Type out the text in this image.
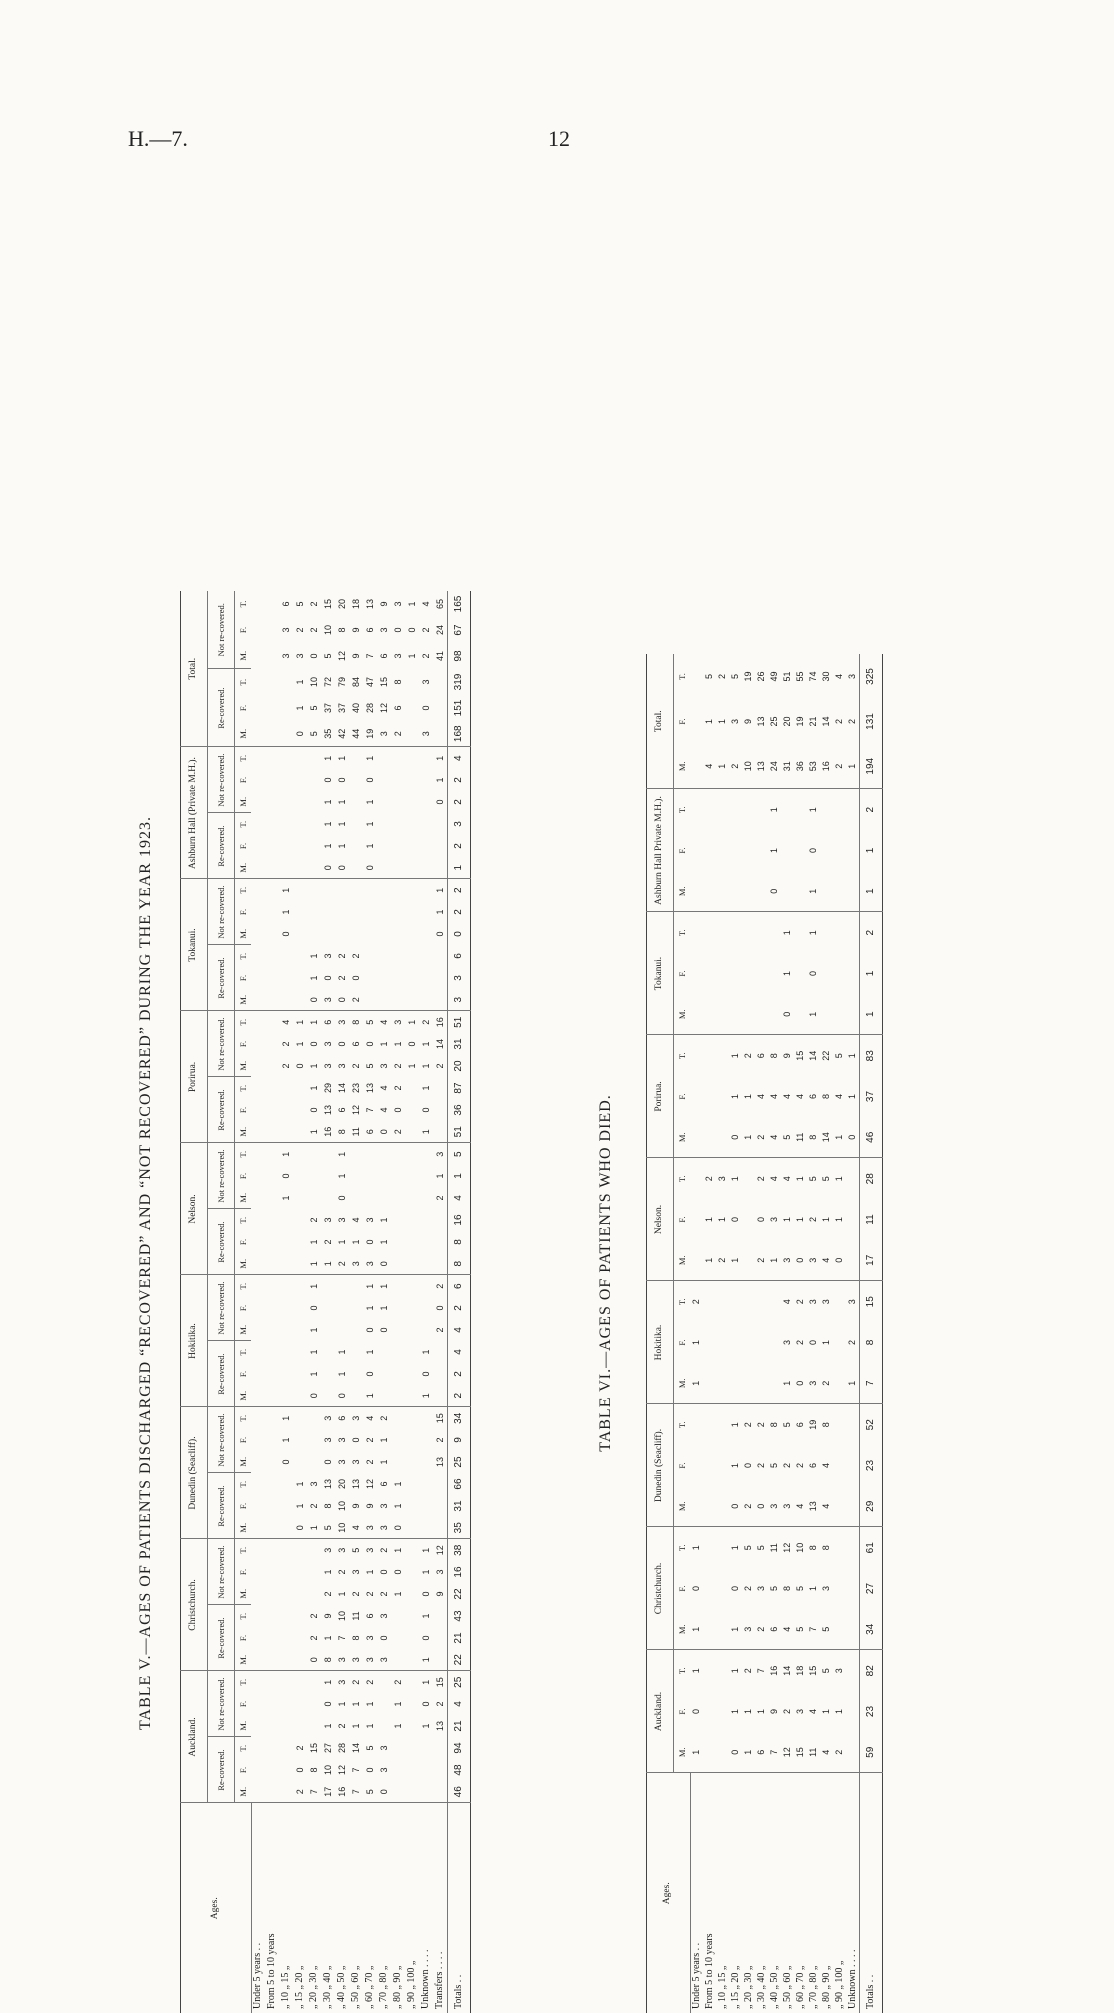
H.—7.	12
TABLE V.—AGES OF PATIENTS DISCHARGED “RECOVERED” AND “NOT RECOVERED” DURING THE YEAR 1923.
Ages.	Auckland.						Christchurch.						Dunedin (Seacliff).						Hokitika.						Nelson.						Porirua.						Tokanui.						Ashburn Hall (Private M.H.).						Total.					
	Re-covered.			Not re-covered.			Re-covered.			Not re-covered.			Re-covered.			Not re-covered.			Re-covered.			Not re-covered.			Re-covered.			Not re-covered.			Re-covered.			Not re-covered.			Re-covered.			Not re-covered.			Re-covered.			Not re-covered.			Re-covered.			Not re-covered.		
	M.	F.	T.	M.	F.	T.	M.	F.	T.	M.	F.	T.	M.	F.	T.	M.	F.	T.	M.	F.	T.	M.	F.	T.	M.	F.	T.	M.	F.	T.	M.	F.	T.	M.	F.	T.	M.	F.	T.	M.	F.	T.	M.	F.	T.	M.	F.	T.	M.	F.	T.	M.	F.	T.
Under 5 years . .																																																						
From 5 to 10 years																																																						
„ 10 „ 15 „																0	1	1										1	0	1				2	2	4				0	1	1										3	3	6
„ 15 „ 20 „	2	0	2										0	1	1																			0	1	1													0	1	1	3	2	5
„ 20 „ 30 „	7	8	15				0	2	2				1	2	3				0	1	1	1	0	1	1	1	2				1	0	1	1	0	1	0	1	1										5	5	10	0	2	2
„ 30 „ 40 „	17	10	27	1	0	1	8	1	9	2	1	3	5	8	13	0	3	3							1	2	3				16	13	29	3	3	6	3	0	3				0	1	1	1	0	1	35	37	72	5	10	15
„ 40 „ 50 „	16	12	28	2	1	3	3	7	10	1	2	3	10	10	20	3	3	6	0	1	1				2	1	3	0	1	1	8	6	14	3	0	3	0	2	2				0	1	1	1	0	1	42	37	79	12	8	20
„ 50 „ 60 „	7	7	14	1	1	2	3	8	11	2	3	5	4	9	13	3	0	3							3	1	4				11	12	23	2	6	8	2	0	2										44	40	84	9	9	18
„ 60 „ 70 „	5	0	5	1	1	2	3	3	6	2	1	3	3	9	12	2	2	4	1	0	1	0	1	1	3	0	3				6	7	13	5	0	5							0	1	1	1	0	1	19	28	47	7	6	13
„ 70 „ 80 „	0	3	3				3	0	3	2	0	2	3	3	6	1	1	2				0	1	1	0	1	1				0	4	4	3	1	4													3	12	15	6	3	9
„ 80 „ 90 „				1	1	2				1	0	1	0	1	1																2	0	2	2	1	3													2	6	8	3	0	3
„ 90 „ 100 „																																		1	0	1																1	0	1
Unknown . . . .				1	0	1	1	0	1	0	1	1							1	0	1										1	0	1	1	1	2													3	0	3	2	2	4
Transfers . . . .				13	2	15				9	3	12				13	2	15				2	0	2				2	1	3				2	14	16				0	1	1				0	1	1				41	24	65
Totals . .	46	48	94	21	4	25	22	21	43	22	16	38	35	31	66	25	9	34	2	2	4	4	2	6	8	8	16	4	1	5	51	36	87	20	31	51	3	3	6	0	2	2	1	2	3	2	2	4	168	151	319	98	67	165
TABLE VI.—AGES OF PATIENTS WHO DIED.
Ages.	Auckland.			Christchurch.			Dunedin (Seacliff).			Hokitika.			Nelson.			Porirua.			Tokanui.			Ashburn Hall Private M.H.).			Total.		
	M.	F.	T.	M.	F.	T.	M.	F.	T.	M.	F.	T.	M.	F.	T.	M.	F.	T.	M.	F.	T.	M.	F.	T.	M.	F.	T.
Under 5 years . .	1	0	1	1	0	1				1	1	2															
From 5 to 10 years													1	1	2										4	1	5
„ 10 „ 15 „													2	1	3										1	1	2
„ 15 „ 20 „	0	1	1	1	0	1	0	1	1				1	0	1	0	1	1							2	3	5
„ 20 „ 30 „	1	1	2	3	2	5	2	0	2							1	1	2							10	9	19
„ 30 „ 40 „	6	1	7	2	3	5	0	2	2				2	0	2	2	4	6							13	13	26
„ 40 „ 50 „	7	9	16	6	5	11	3	5	8				1	3	4	4	4	8				0	1	1	24	25	49
„ 50 „ 60 „	12	2	14	4	8	12	3	2	5	1	3	4	3	1	4	5	4	9	0	1	1				31	20	51
„ 60 „ 70 „	15	3	18	5	5	10	4	2	6	0	2	2	0	1	1	11	4	15							36	19	55
„ 70 „ 80 „	11	4	15	7	1	8	13	6	19	3	0	3	3	2	5	8	6	14	1	0	1	1	0	1	53	21	74
„ 80 „ 90 „	4	1	5	5	3	8	4	4	8	2	1	3	4	1	5	14	8	22							16	14	30
„ 90 „ 100 „	2	1	3										0	1	1	1	4	5							2	2	4
Unknown . . . .										1	2	3				0	1	1							1	2	3
Totals . .	59	23	82	34	27	61	29	23	52	7	8	15	17	11	28	46	37	83	1	1	2	1	1	2	194	131	325
